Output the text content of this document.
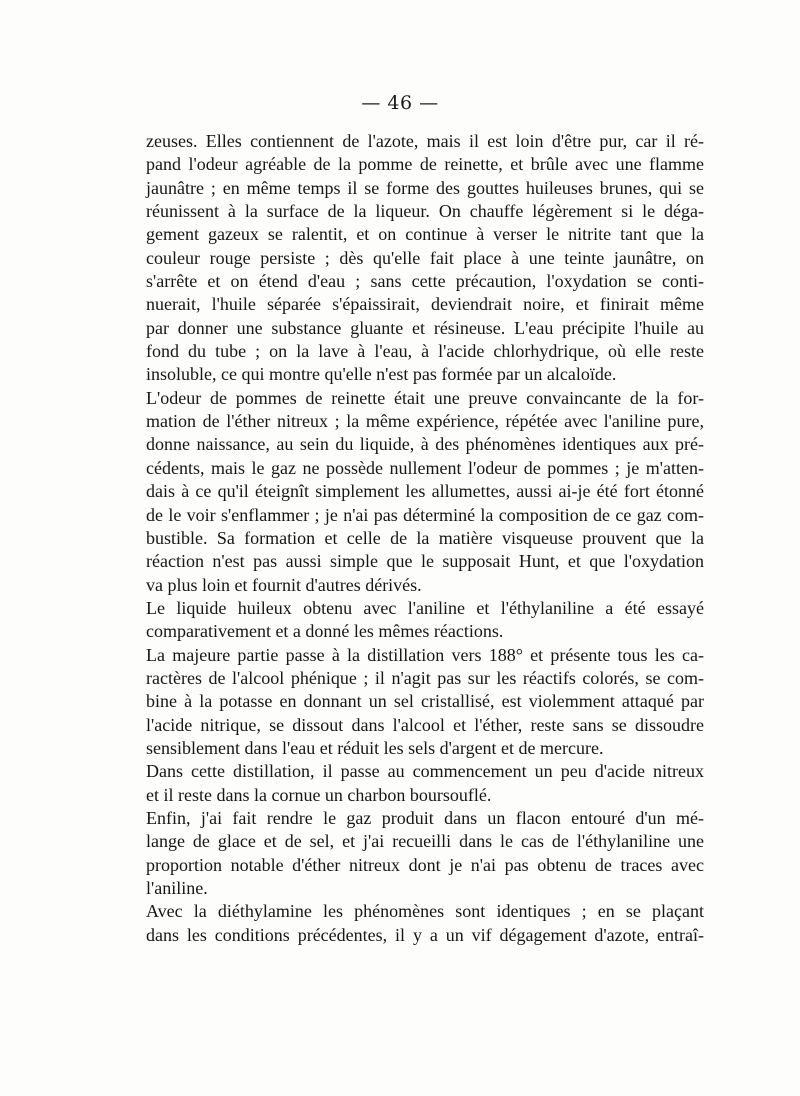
— 46 —
zeuses. Elles contiennent de l'azote, mais il est loin d'être pur, car il ré-
pand l'odeur agréable de la pomme de reinette, et brûle avec une flamme
jaunâtre ; en même temps il se forme des gouttes huileuses brunes, qui se
réunissent à la surface de la liqueur. On chauffe légèrement si le déga-
gement gazeux se ralentit, et on continue à verser le nitrite tant que la
couleur rouge persiste ; dès qu'elle fait place à une teinte jaunâtre, on
s'arrête et on étend d'eau ; sans cette précaution, l'oxydation se conti-
nuerait, l'huile séparée s'épaissirait, deviendrait noire, et finirait même
par donner une substance gluante et résineuse. L'eau précipite l'huile au
fond du tube ; on la lave à l'eau, à l'acide chlorhydrique, où elle reste
insoluble, ce qui montre qu'elle n'est pas formée par un alcaloïde.
L'odeur de pommes de reinette était une preuve convaincante de la for-
mation de l'éther nitreux ; la même expérience, répétée avec l'aniline pure,
donne naissance, au sein du liquide, à des phénomènes identiques aux pré-
cédents, mais le gaz ne possède nullement l'odeur de pommes ; je m'atten-
dais à ce qu'il éteignît simplement les allumettes, aussi ai-je été fort étonné
de le voir s'enflammer ; je n'ai pas déterminé la composition de ce gaz com-
bustible. Sa formation et celle de la matière visqueuse prouvent que la
réaction n'est pas aussi simple que le supposait Hunt, et que l'oxydation
va plus loin et fournit d'autres dérivés.
Le liquide huileux obtenu avec l'aniline et l'éthylaniline a été essayé
comparativement et a donné les mêmes réactions.
La majeure partie passe à la distillation vers 188° et présente tous les ca-
ractères de l'alcool phénique ; il n'agit pas sur les réactifs colorés, se com-
bine à la potasse en donnant un sel cristallisé, est violemment attaqué par
l'acide nitrique, se dissout dans l'alcool et l'éther, reste sans se dissoudre
sensiblement dans l'eau et réduit les sels d'argent et de mercure.
Dans cette distillation, il passe au commencement un peu d'acide nitreux
et il reste dans la cornue un charbon boursouflé.
Enfin, j'ai fait rendre le gaz produit dans un flacon entouré d'un mé-
lange de glace et de sel, et j'ai recueilli dans le cas de l'éthylaniline une
proportion notable d'éther nitreux dont je n'ai pas obtenu de traces avec
l'aniline.
Avec la diéthylamine les phénomènes sont identiques ; en se plaçant
dans les conditions précédentes, il y a un vif dégagement d'azote, entraî-
